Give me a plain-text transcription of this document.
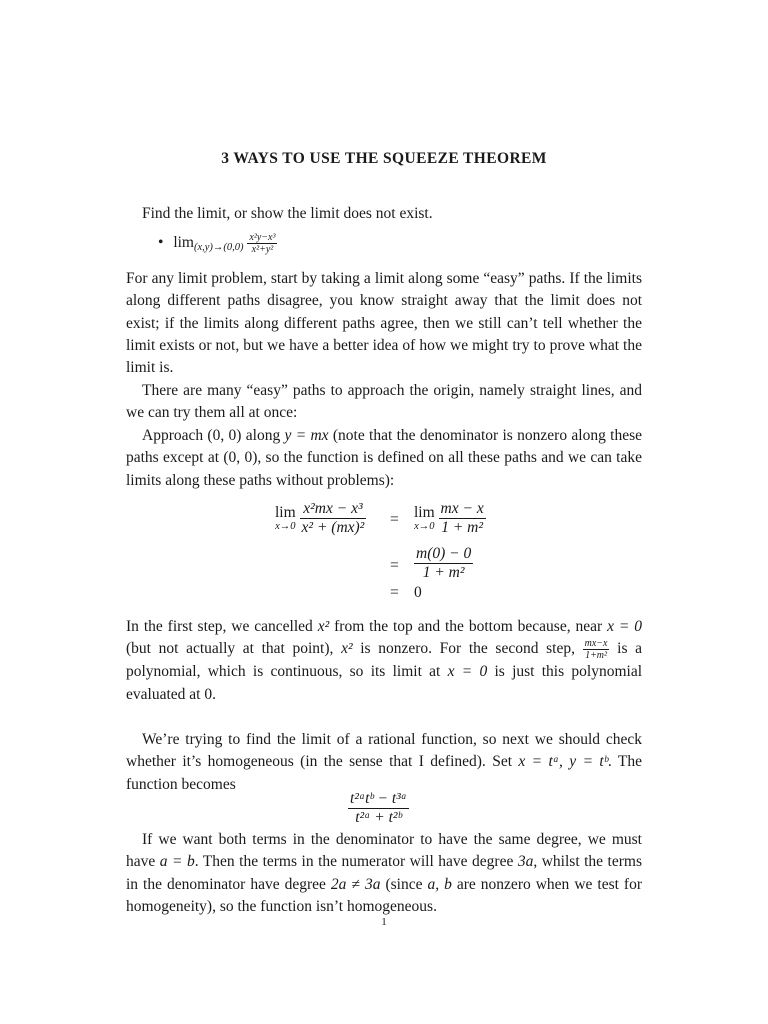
3 WAYS TO USE THE SQUEEZE THEOREM
Find the limit, or show the limit does not exist.
• $\lim_{(x,y)\to(0,0)} \frac{\text{x²y−x³}}{\text{x²+y²}}$
For any limit problem, start by taking a limit along some “easy” paths. If the limits along different paths disagree, you know straight away that the limit does not exist; if the limits along different paths agree, then we still can’t tell whether the limit exists or not, but we have a better idea of how we might try to prove what the limit is.
There are many “easy” paths to approach the origin, namely straight lines, and we can try them all at once:
Approach (0, 0) along y = mx (note that the denominator is nonzero along these paths except at (0, 0), so the function is defined on all these paths and we can take limits along these paths without problems):
lim
x→0
$\frac{\text{x²mx − x³}}{\text{x² + (mx)²}} = \lim$
x→0
$\frac{mx - x}{\text{1 + m²}}$
= $\frac{m(0) - 0}{\text{1 + m²}}$
= 0
In the first step, we cancelled x² from the top and the bottom because, near x = 0 (but not actually at that point), x² is nonzero. For the second step, $\frac{mx-x}{\text{1+m²}}$ is a polynomial, which is continuous, so its limit at x = 0 is just this polynomial evaluated at 0.
We’re trying to find the limit of a rational function, so next we should check whether it’s homogeneous (in the sense that I defined). Set x = tᵃ, y = tᵇ. The function becomes
$\frac{\text{t²ᵃtᵇ − t³ᵃ}}{\text{t²ᵃ + t²ᵇ}}$
If we want both terms in the denominator to have the same degree, we must have a = b. Then the terms in the numerator will have degree 3a, whilst the terms in the denominator have degree 2a ≠ 3a (since a, b are nonzero when we test for homogeneity), so the function isn’t homogeneous.
1
